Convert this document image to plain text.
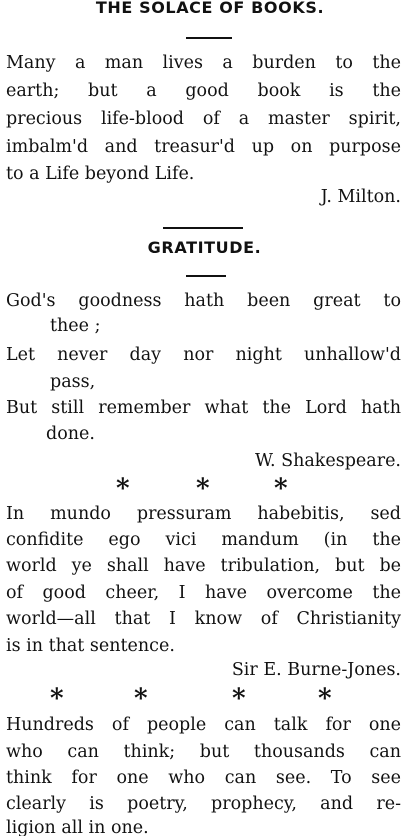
THE SOLACE OF BOOKS.
Many a man lives a burden to the
earth; but a good book is the
precious life-blood of a master spirit,
imbalm'd and treasur'd up on purpose
to a Life beyond Life.
J. Milton.
GRATITUDE.
God's goodness hath been great to
thee ;
Let never day nor night unhallow'd
pass,
But still remember what the Lord hath
done.
W. Shakespeare.
*	* *
In mundo pressuram habebitis, sed
confidite ego vici mandum (in the
world ye shall have tribulation, but be
of good cheer, I have overcome the
world—all that I know of Christianity
is in that sentence.
Sir E. Burne-Jones.
*	*	*	*
Hundreds of people can talk for one
who can think; but thousands can
think for one who can see. To see
clearly is poetry, prophecy, and re-
ligion all in one.
